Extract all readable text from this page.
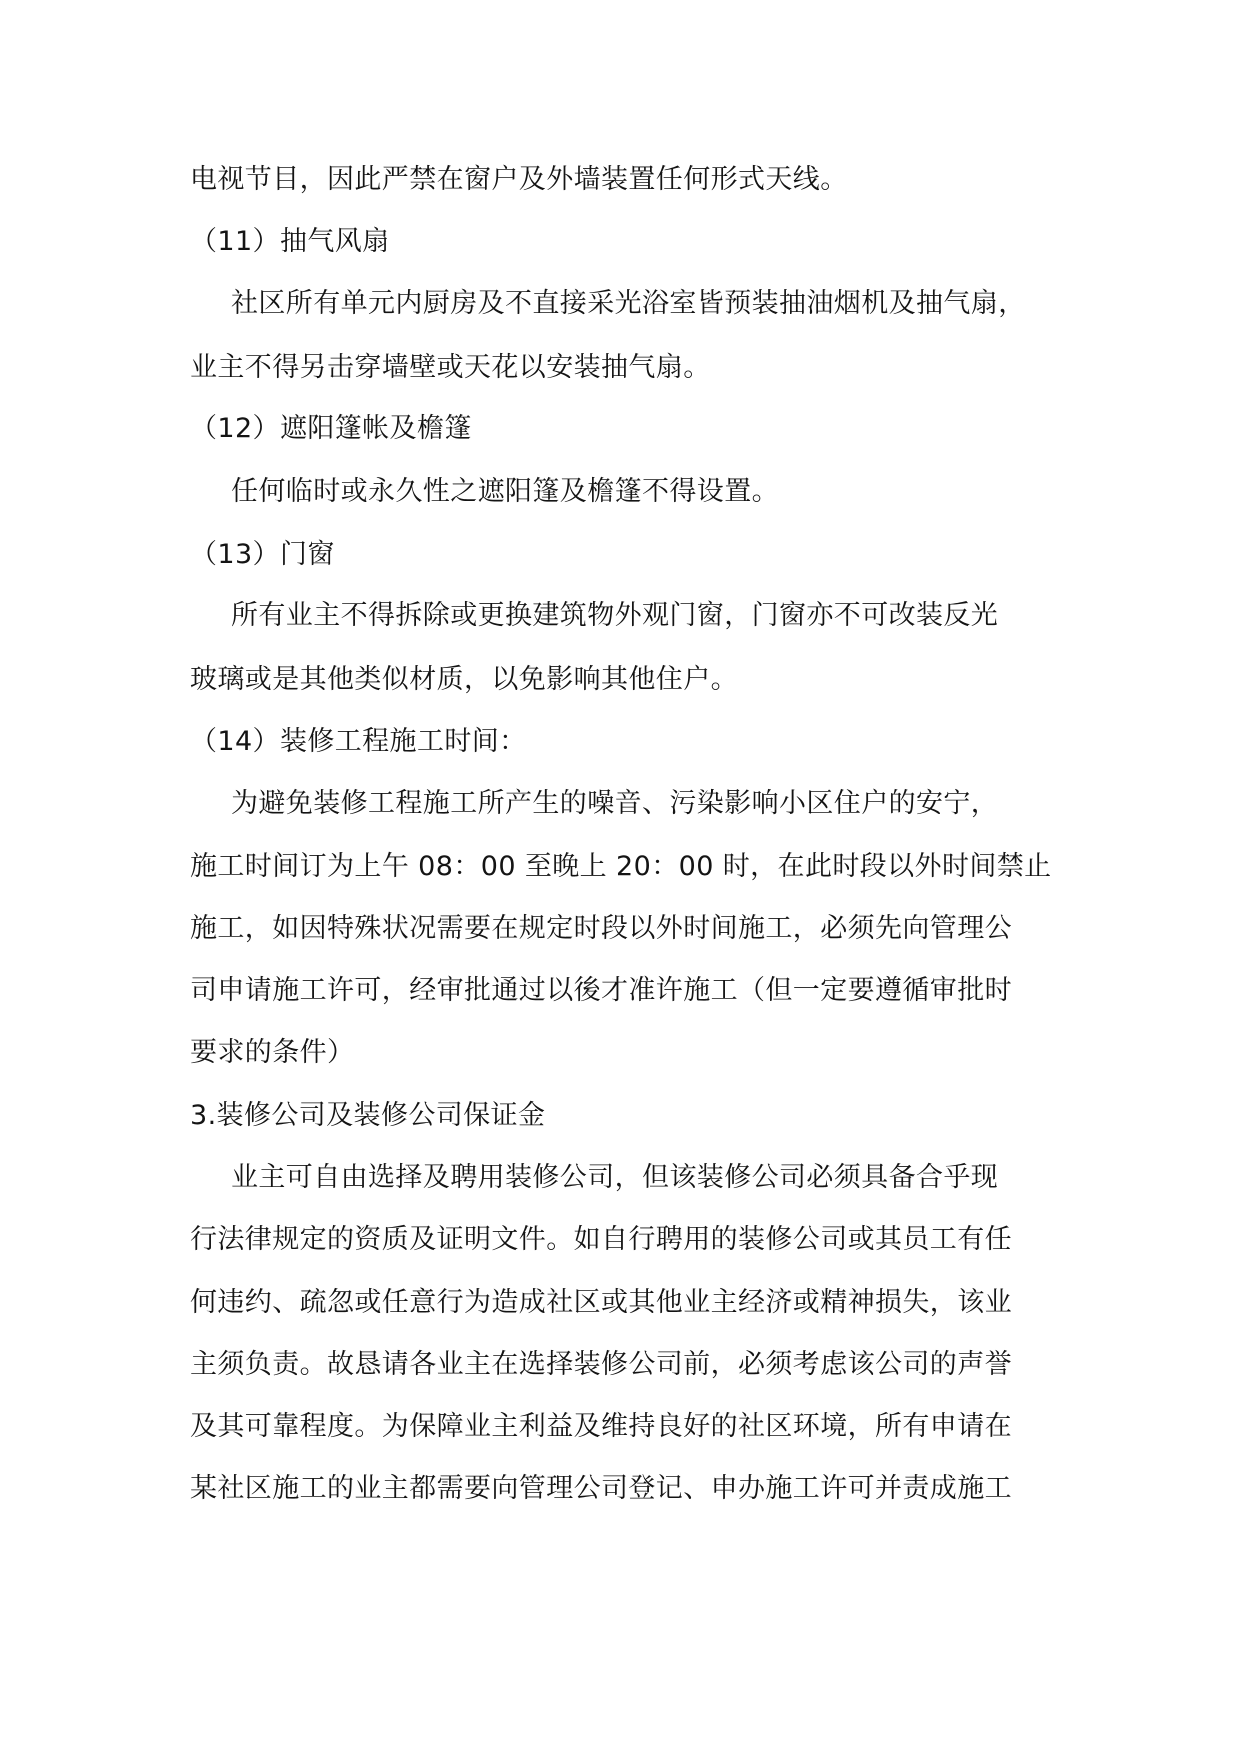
电视节目，因此严禁在窗户及外墙装置任何形式天线。
（11）抽气风扇
社区所有单元内厨房及不直接采光浴室皆预装抽油烟机及抽气扇，
业主不得另击穿墙壁或天花以安装抽气扇。
（12）遮阳篷帐及檐篷
任何临时或永久性之遮阳篷及檐篷不得设置。
（13）门窗
所有业主不得拆除或更换建筑物外观门窗，门窗亦不可改装反光
玻璃或是其他类似材质，以免影响其他住户。
（14）装修工程施工时间：
为避免装修工程施工所产生的噪音、污染影响小区住户的安宁，
施工时间订为上午 08：00 至晚上 20：00 时，在此时段以外时间禁止
施工，如因特殊状况需要在规定时段以外时间施工，必须先向管理公
司申请施工许可，经审批通过以後才准许施工（但一定要遵循审批时
要求的条件）
3.装修公司及装修公司保证金
业主可自由选择及聘用装修公司，但该装修公司必须具备合乎现
行法律规定的资质及证明文件。如自行聘用的装修公司或其员工有任
何违约、疏忽或任意行为造成社区或其他业主经济或精神损失，该业
主须负责。故恳请各业主在选择装修公司前，必须考虑该公司的声誉
及其可靠程度。为保障业主利益及维持良好的社区环境，所有申请在
某社区施工的业主都需要向管理公司登记、申办施工许可并责成施工
